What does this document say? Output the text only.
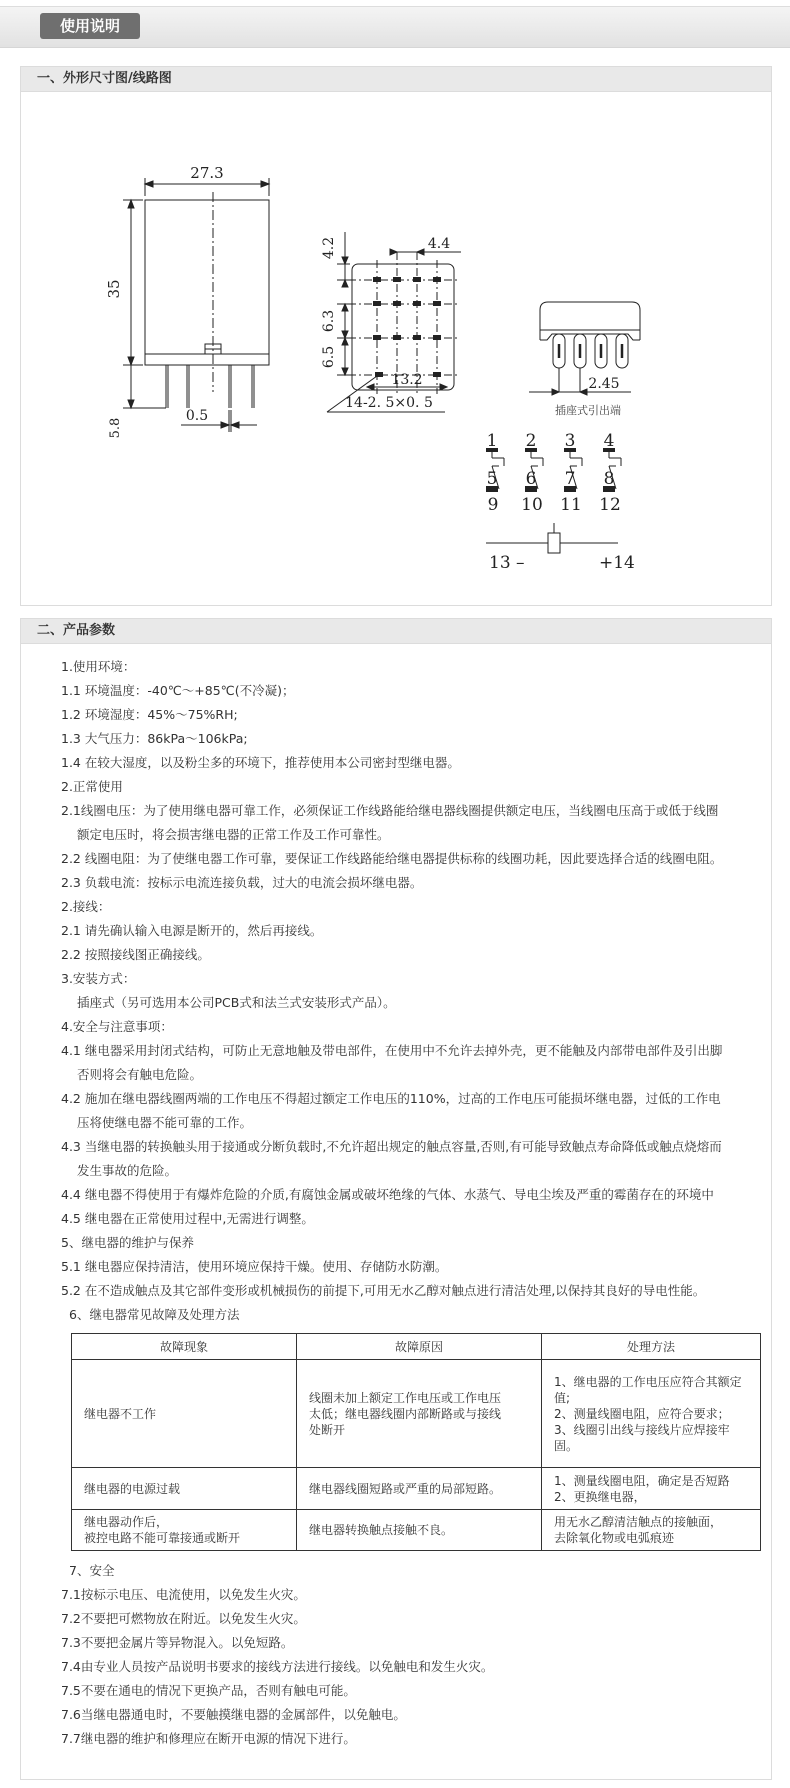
使用说明
一、外形尺寸图/线路图
27.3
35
5.8
0.5
4.2	4.4
6.3
6.5
13.2
14-2. 5×0. 5
2.45
插座式引出端
1 2 3 4
5 6 7 8
9 10 11 12
13 –	+14
二、产品参数
1.使用环境：
1.1 环境温度：-40℃～+85℃(不冷凝)；
1.2 环境湿度：45%～75%RH;
1.3 大气压力：86kPa～106kPa;
1.4 在较大湿度，以及粉尘多的环境下，推荐使用本公司密封型继电器。
2.正常使用
2.1线圈电压：为了使用继电器可靠工作，必须保证工作线路能给继电器线圈提供额定电压，当线圈电压高于或低于线圈
额定电压时，将会损害继电器的正常工作及工作可靠性。
2.2 线圈电阻：为了使继电器工作可靠，要保证工作线路能给继电器提供标称的线圈功耗，因此要选择合适的线圈电阻。
2.3 负载电流：按标示电流连接负载，过大的电流会损坏继电器。
2.接线：
2.1 请先确认输入电源是断开的，然后再接线。
2.2 按照接线图正确接线。
3.安装方式：
插座式（另可选用本公司PCB式和法兰式安装形式产品）。
4.安全与注意事项：
4.1 继电器采用封闭式结构，可防止无意地触及带电部件，在使用中不允许去掉外壳，更不能触及内部带电部件及引出脚
否则将会有触电危险。
4.2 施加在继电器线圈两端的工作电压不得超过额定工作电压的110%，过高的工作电压可能损坏继电器，过低的工作电
压将使继电器不能可靠的工作。
4.3 当继电器的转换触头用于接通或分断负载时,不允许超出规定的触点容量,否则,有可能导致触点寿命降低或触点烧熔而
发生事故的危险。
4.4 继电器不得使用于有爆炸危险的介质,有腐蚀金属或破坏绝缘的气体、水蒸气、导电尘埃及严重的霉菌存在的环境中
4.5 继电器在正常使用过程中,无需进行调整。
5、继电器的维护与保养
5.1 继电器应保持清洁，使用环境应保持干燥。使用、存储防水防潮。
5.2 在不造成触点及其它部件变形或机械损伤的前提下,可用无水乙醇对触点进行清洁处理,以保持其良好的导电性能。
6、继电器常见故障及处理方法
故障现象	故障原因	处理方法

继电器不工作	线圈未加上额定工作电压或工作电压
太低；继电器线圈内部断路或与接线
处断开	1、继电器的工作电压应符合其额定值;
2、测量线圈电阻，应符合要求；
3、线圈引出线与接线片应焊接牢固。

继电器的电源过载	继电器线圈短路或严重的局部短路。	1、测量线圈电阻，确定是否短路
2、更换继电器，

继电器动作后，
被控电路不能可靠接通或断开	继电器转换触点接触不良。	用无水乙醇清洁触点的接触面，
去除氧化物或电弧痕迹
7、安全
7.1按标示电压、电流使用，以免发生火灾。
7.2不要把可燃物放在附近。以免发生火灾。
7.3不要把金属片等异物混入。以免短路。
7.4由专业人员按产品说明书要求的接线方法进行接线。以免触电和发生火灾。
7.5不要在通电的情况下更换产品，否则有触电可能。
7.6当继电器通电时，不要触摸继电器的金属部件，以免触电。
7.7继电器的维护和修理应在断开电源的情况下进行。
